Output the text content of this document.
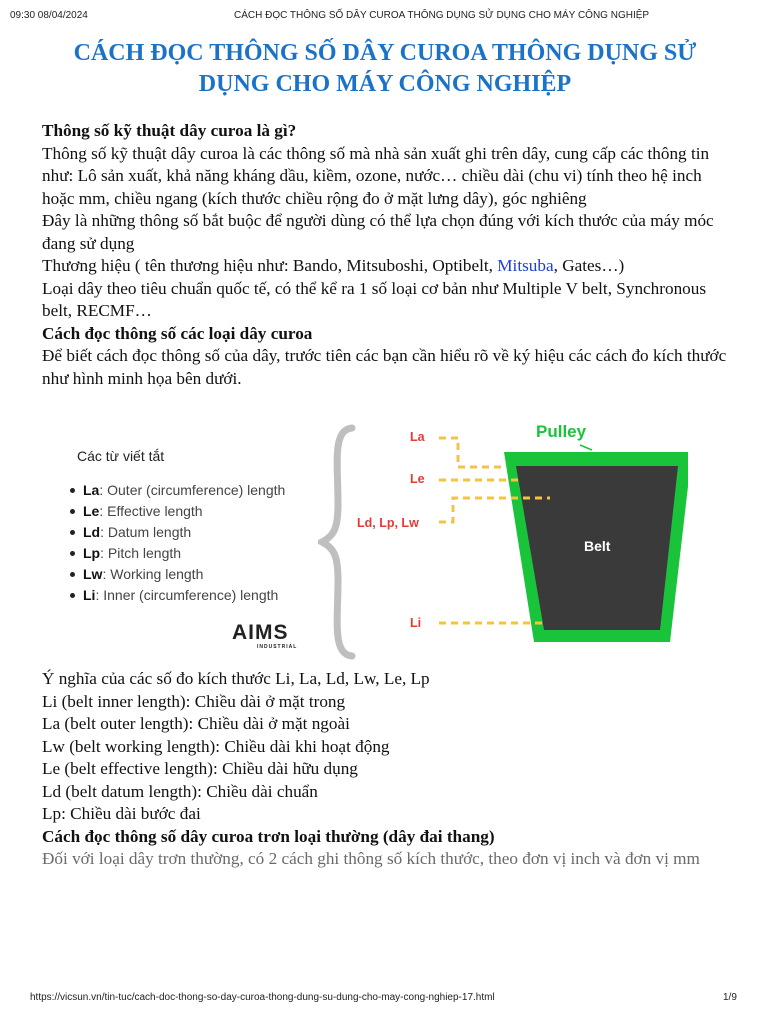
09:30 08/04/2024	CÁCH ĐỌC THÔNG SỐ DÂY CUROA THÔNG DỤNG SỬ DỤNG CHO MÁY CÔNG NGHIỆP
CÁCH ĐỌC THÔNG SỐ DÂY CUROA THÔNG DỤNG SỬ DỤNG CHO MÁY CÔNG NGHIỆP

Thông số kỹ thuật dây curoa là gì?

Thông số kỹ thuật dây curoa là các thông số mà nhà sản xuất ghi trên dây, cung cấp các thông tin như: Lô sản xuất, khả năng kháng dầu, kiềm, ozone, nước… chiều dài (chu vi) tính theo hệ inch hoặc mm, chiều ngang (kích thước chiều rộng đo ở mặt lưng dây), góc nghiêng

Đây là những thông số bắt buộc để người dùng có thể lựa chọn đúng với kích thước của máy móc đang sử dụng

Thương hiệu ( tên thương hiệu như: Bando, Mitsuboshi, Optibelt, Mitsuba, Gates…)

Loại dây theo tiêu chuẩn quốc tế, có thể kể ra 1 số loại cơ bản như Multiple V belt, Synchronous belt, RECMF…

Cách đọc thông số các loại dây curoa

Để biết cách đọc thông số của dây, trước tiên các bạn cần hiểu rõ về ký hiệu các cách đo kích thước như hình minh họa bên dưới.

Các từ viết tắt
La: Outer (circumference) length
Le: Effective length
Ld: Datum length
Lp: Pitch length
Lw: Working length
Li: Inner (circumference) length
AIMS
INDUSTRIAL
La
Le
Ld, Lp, Lw
Li
Pulley
Belt

Ý nghĩa của các số đo kích thước Li, La, Ld, Lw, Le, Lp

Li (belt inner length): Chiều dài ở mặt trong

La (belt outer length): Chiều dài ở mặt ngoài

Lw (belt working length): Chiều dài khi hoạt động

Le (belt effective length): Chiều dài hữu dụng

Ld (belt datum length): Chiều dài chuẩn

Lp: Chiều dài bước đai

Cách đọc thông số dây curoa trơn loại thường (dây đai thang)

Đối với loại dây trơn thường, có 2 cách ghi thông số kích thước, theo đơn vị inch và đơn vị mm

https://vicsun.vn/tin-tuc/cach-doc-thong-so-day-curoa-thong-dung-su-dung-cho-may-cong-nghiep-17.html	1/9
